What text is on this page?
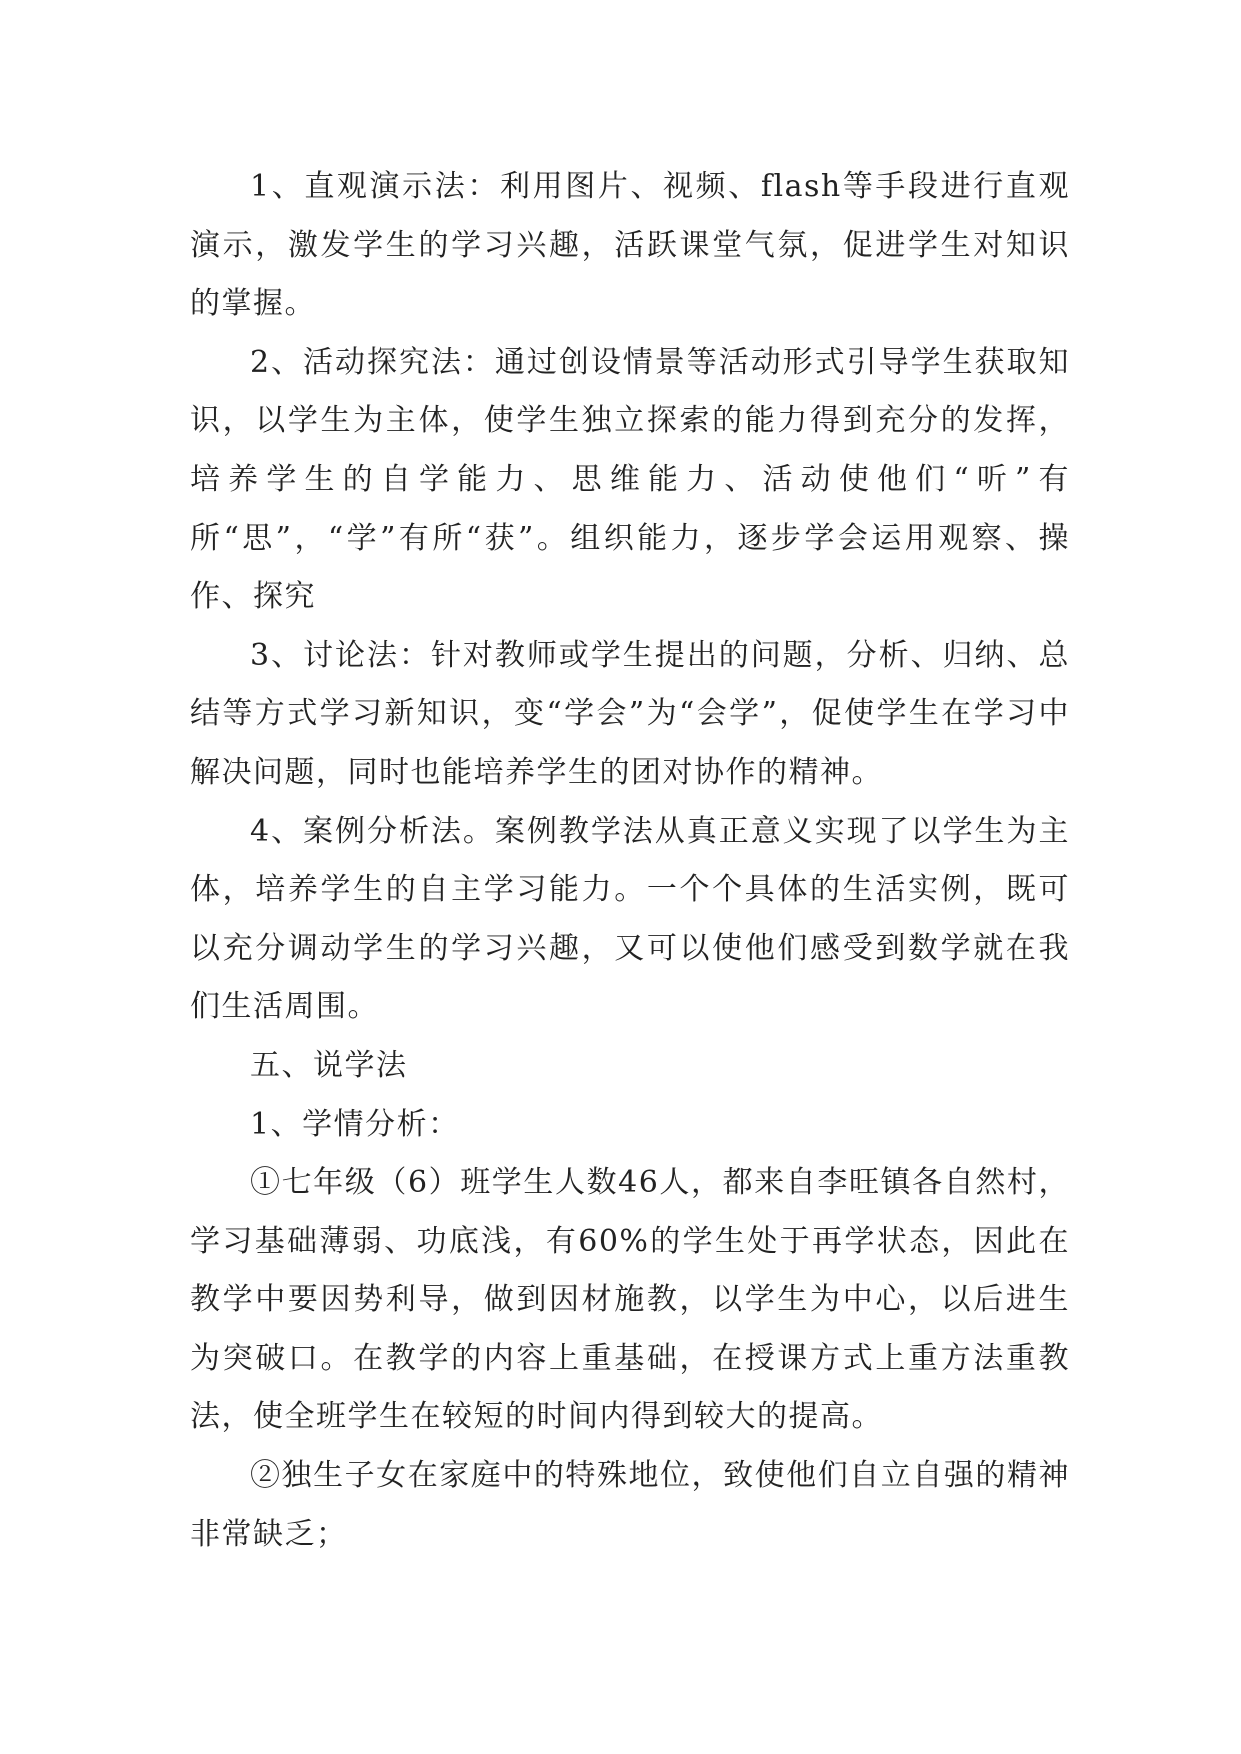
1、直观演示法：利用图片、视频、flash等手段进行直观演示，激发学生的学习兴趣，活跃课堂气氛，促进学生对知识的掌握。

2、活动探究法：通过创设情景等活动形式引导学生获取知识，以学生为主体，使学生独立探索的能力得到充分的发挥，培养学生的自学能力、思维能力、活动使他们“听”有所“思”，“学”有所“获”。组织能力，逐步学会运用观察、操作、探究

3、讨论法：针对教师或学生提出的问题，分析、归纳、总结等方式学习新知识，变“学会”为“会学”，促使学生在学习中解决问题，同时也能培养学生的团对协作的精神。

4、案例分析法。案例教学法从真正意义实现了以学生为主体，培养学生的自主学习能力。一个个具体的生活实例，既可以充分调动学生的学习兴趣，又可以使他们感受到数学就在我们生活周围。

五、说学法

1、学情分析：

①七年级（6）班学生人数46人，都来自李旺镇各自然村，学习基础薄弱、功底浅，有60%的学生处于再学状态，因此在教学中要因势利导，做到因材施教，以学生为中心，以后进生为突破口。在教学的内容上重基础，在授课方式上重方法重教法，使全班学生在较短的时间内得到较大的提高。

②独生子女在家庭中的特殊地位，致使他们自立自强的精神非常缺乏；
